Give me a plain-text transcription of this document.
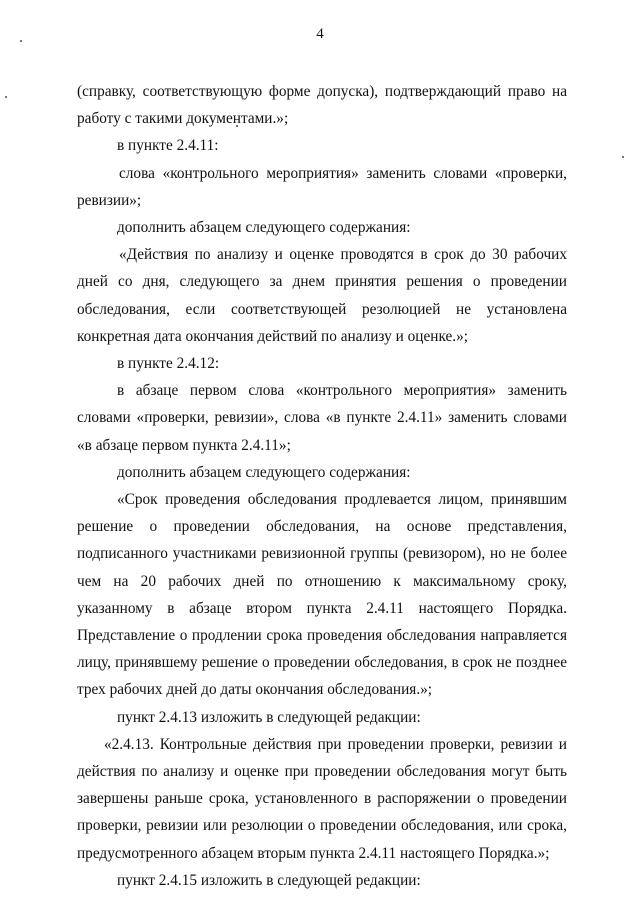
4

(справку, соответствующую форме допуска), подтверждающий право на работу с такими документами.»;

в пункте 2.4.11:

слова «контрольного мероприятия» заменить словами «проверки, ревизии»;

дополнить абзацем следующего содержания:

«Действия по анализу и оценке проводятся в срок до 30 рабочих дней со дня, следующего за днем принятия решения о проведении обследования, если соответствующей резолюцией не установлена конкретная дата окончания действий по анализу и оценке.»;

в пункте 2.4.12:

в абзаце первом слова «контрольного мероприятия» заменить словами «проверки, ревизии», слова «в пункте 2.4.11» заменить словами «в абзаце первом пункта 2.4.11»;

дополнить абзацем следующего содержания:

«Срок проведения обследования продлевается лицом, принявшим решение о проведении обследования, на основе представления, подписанного участниками ревизионной группы (ревизором), но не более чем на 20 рабочих дней по отношению к максимальному сроку, указанному в абзаце втором пункта 2.4.11 настоящего Порядка. Представление о продлении срока проведения обследования направляется лицу, принявшему решение о проведении обследования, в срок не позднее трех рабочих дней до даты окончания обследования.»;

пункт 2.4.13 изложить в следующей редакции:

«2.4.13. Контрольные действия при проведении проверки, ревизии и действия по анализу и оценке при проведении обследования могут быть завершены раньше срока, установленного в распоряжении о проведении проверки, ревизии или резолюции о проведении обследования, или срока, предусмотренного абзацем вторым пункта 2.4.11 настоящего Порядка.»;

пункт 2.4.15 изложить в следующей редакции:
